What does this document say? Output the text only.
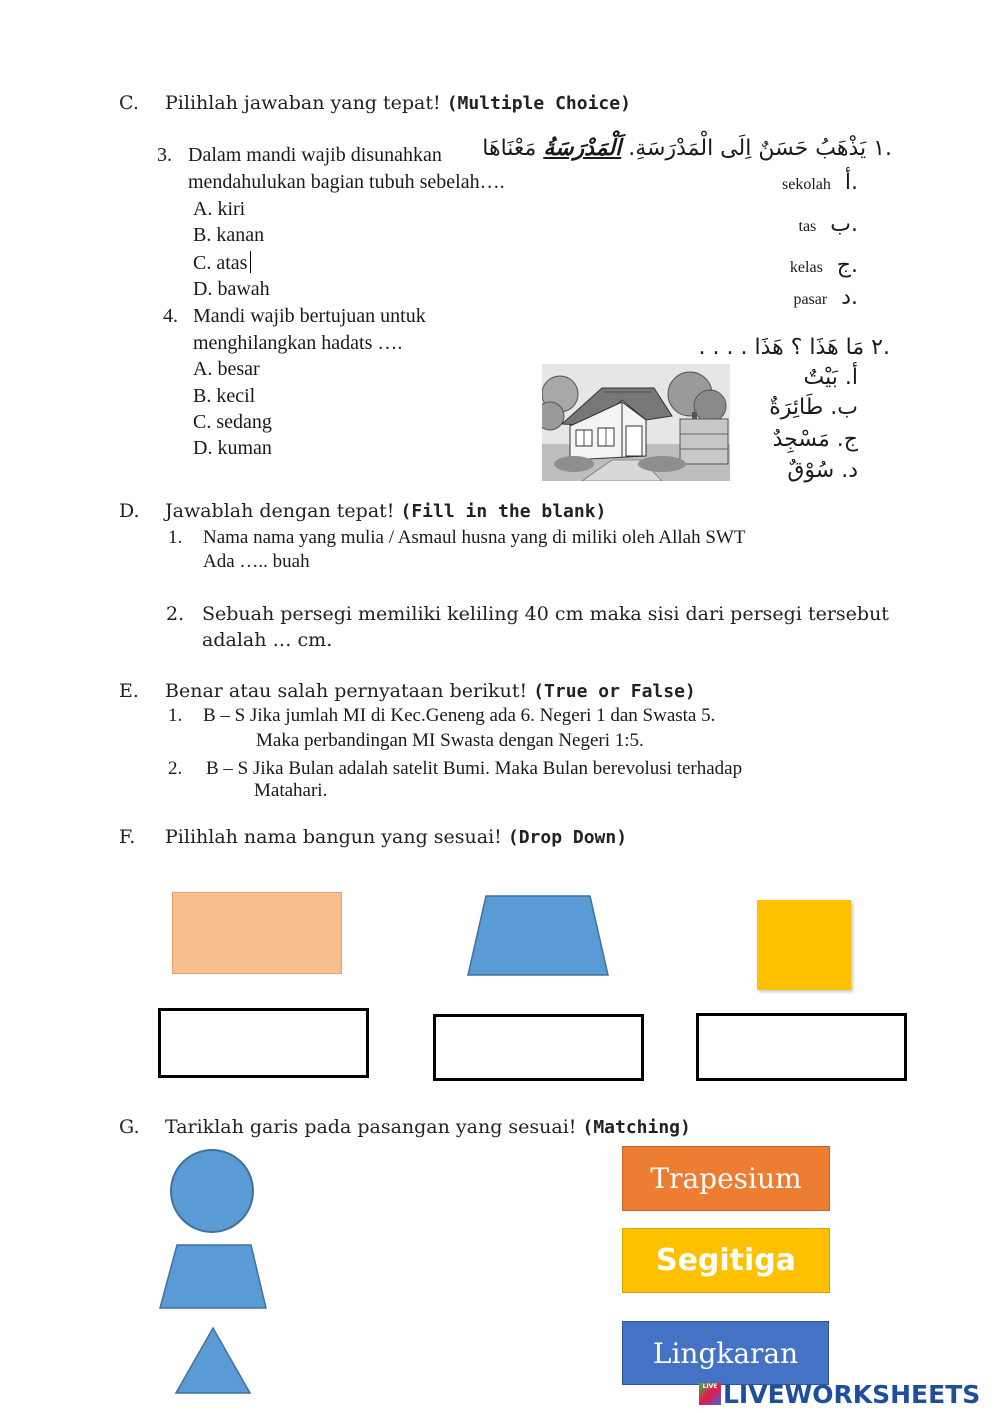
C. Pilihlah jawaban yang tepat! (Multiple Choice)
3. Dalam mandi wajib disunahkan
mendahulukan bagian tubuh sebelah….
A. kiri
B. kanan
C. atas
D. bawah
4. Mandi wajib bertujuan untuk
menghilangkan hadats ….
A. besar
B. kecil
C. sedang
D. kuman
.١ يَذْهَبُ حَسَنٌ اِلَى الْمَدْرَسَةِ. اَلْمَدْرَسَةُ مَعْنَاهَا
sekolah أ.
tas ب.
kelas ج.
pasar د.
.٢ مَا هَذَا ؟ هَذَا . . . .
أ. بَيْتٌ
ب. طَائِرَةٌ
ج. مَسْجِدٌ
د. سُوْقٌ
D. Jawablah dengan tepat! (Fill in the blank)
1. Nama nama yang mulia / Asmaul husna yang di miliki oleh Allah SWT
Ada ….. buah
2. Sebuah persegi memiliki keliling 40 cm maka sisi dari persegi tersebut
adalah … cm.
E. Benar atau salah pernyataan berikut! (True or False)
1. B – S Jika jumlah MI di Kec.Geneng ada 6. Negeri 1 dan Swasta 5.
Maka perbandingan MI Swasta dengan Negeri 1:5.
2. B – S Jika Bulan adalah satelit Bumi. Maka Bulan berevolusi terhadap
Matahari.
F. Pilihlah nama bangun yang sesuai! (Drop Down)
G. Tariklah garis pada pasangan yang sesuai! (Matching)
Trapesium
Segitiga
Lingkaran
LIVE LIVEWORKSHEETS
